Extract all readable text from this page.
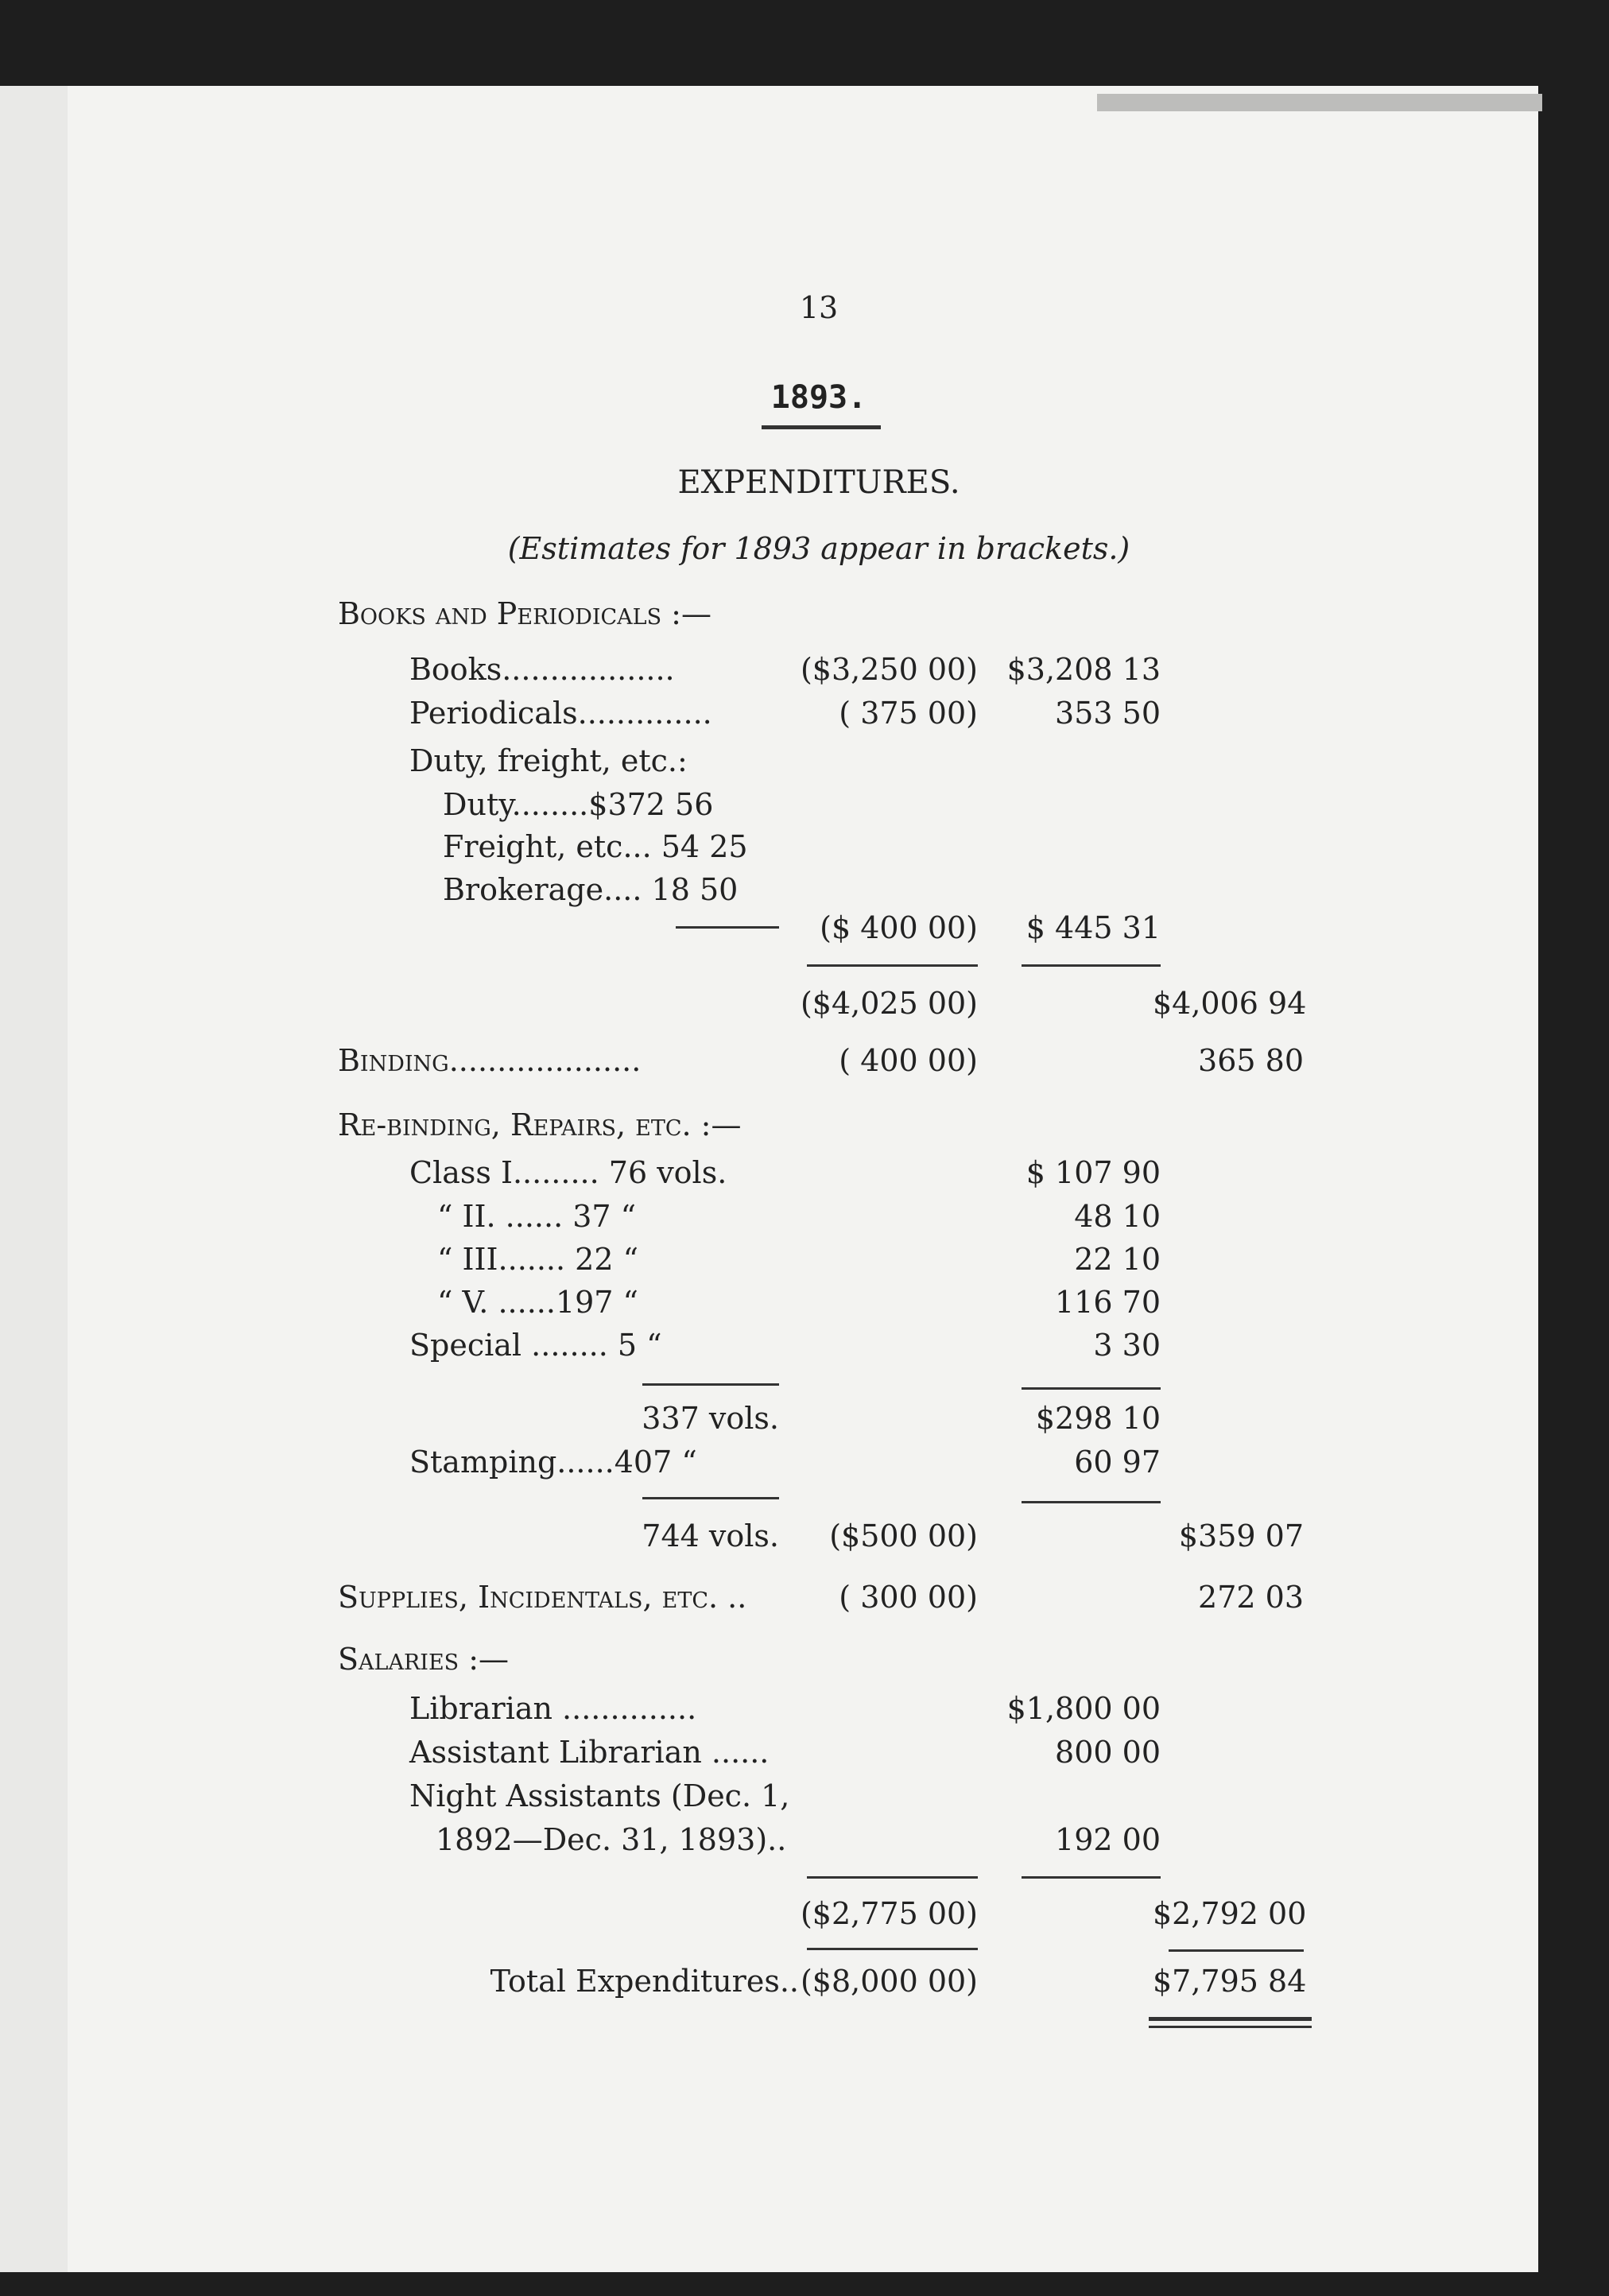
13
1893.
EXPENDITURES.
(Estimates for 1893 appear in brackets.)
Books and Periodicals :—
Books..................	($3,250 00) $3,208 13
Periodicals..............	( 375 00)	353 50
Duty, freight, etc.:
Duty........$372 56
Freight, etc... 54 25
Brokerage.... 18 50
($ 400 00)	$ 445 31
($4,025 00)	$4,006 94
Binding....................	( 400 00)	365 80
Re-binding, Repairs, etc. :—
Class I......... 76 vols.	$ 107 90
“ II. ...... 37 “	48 10
“ III....... 22 “	22 10
“ V. ......197 “	116 70
Special ........ 5 “	3 30
337 vols.	$298 10
Stamping......407 “	60 97
744 vols.	($500 00)	$359 07
Supplies, Incidentals, etc. ..	( 300 00)	272 03
Salaries :—
Librarian ..............	$1,800 00
Assistant Librarian ......	800 00
Night Assistants (Dec. 1,
1892—Dec. 31, 1893)..	192 00
($2,775 00)	$2,792 00
Total Expenditures.. ($8,000 00)	$7,795 84
